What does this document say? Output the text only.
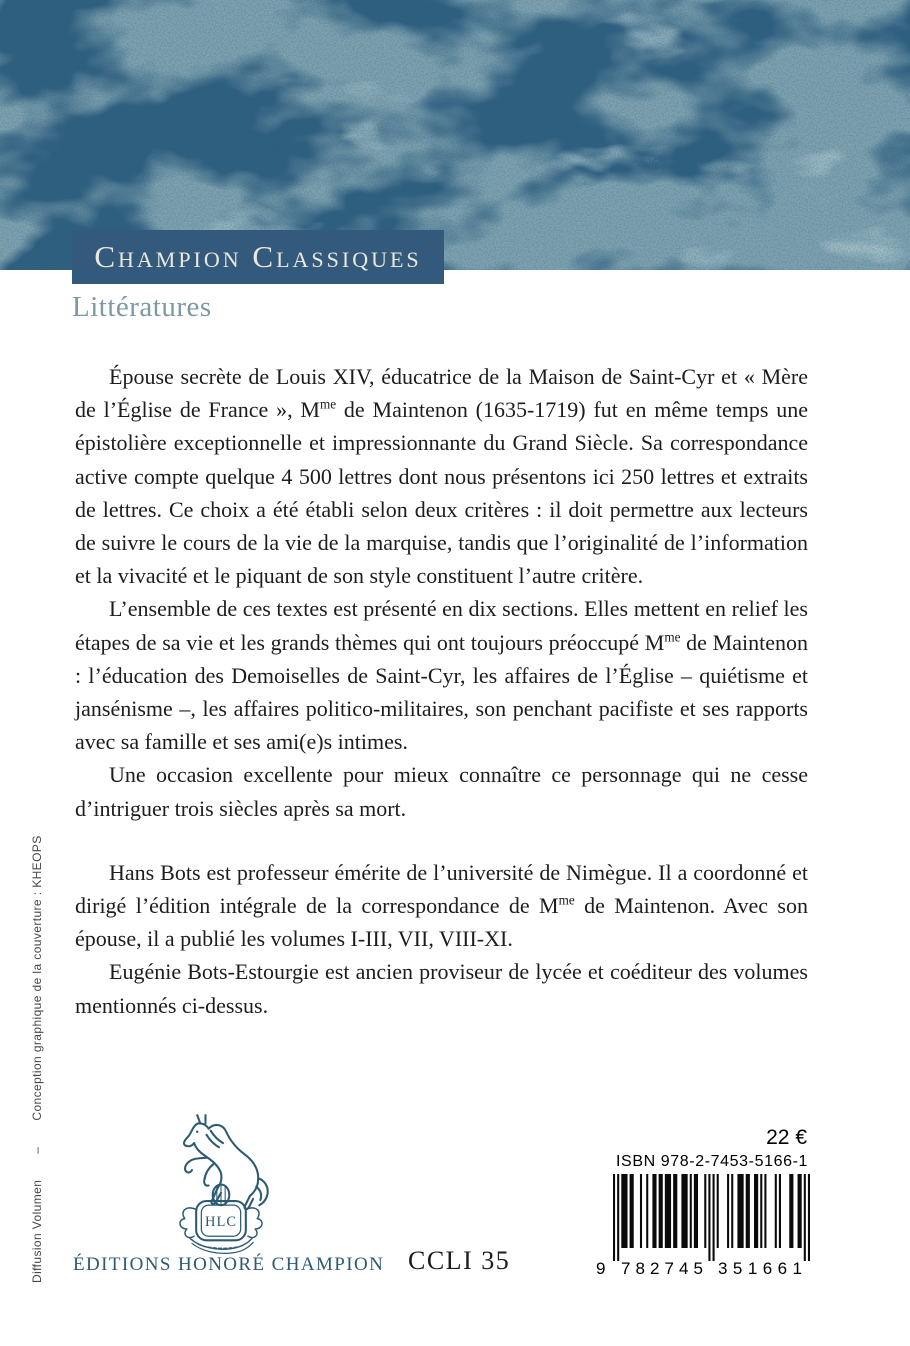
Champion Classiques
Littératures

Épouse secrète de Louis XIV, éducatrice de la Maison de Saint-Cyr et « Mère de l’Église de France », $M^{me}$ de Maintenon (1635-1719) fut en même temps une épistolière exceptionnelle et impressionnante du Grand Siècle. Sa correspondance active compte quelque 4 500 lettres dont nous présentons ici 250 lettres et extraits de lettres. Ce choix a été établi selon deux critères : il doit permettre aux lecteurs de suivre le cours de la vie de la marquise, tandis que l’originalité de l’information et la vivacité et le piquant de son style constituent l’autre critère.

L’ensemble de ces textes est présenté en dix sections. Elles mettent en relief les étapes de sa vie et les grands thèmes qui ont toujours préoccupé $M^{me}$ de Maintenon : l’éducation des Demoiselles de Saint-Cyr, les affaires de l’Église – quiétisme et jansénisme –, les affaires politico-militaires, son penchant pacifiste et ses rapports avec sa famille et ses ami(e)s intimes.

Une occasion excellente pour mieux connaître ce personnage qui ne cesse d’intriguer trois siècles après sa mort.

Hans Bots est professeur émérite de l’université de Nimègue. Il a coordonné et dirigé l’édition intégrale de la correspondance de $M^{me}$ de Maintenon. Avec son épouse, il a publié les volumes I-III, VII, VIII-XI.

Eugénie Bots-Estourgie est ancien proviseur de lycée et coéditeur des volumes mentionnés ci-dessus.

Diffusion Volumen
–
Conception graphique de la couverture : KHEOPS
HLC
ÉDITIONS HONORÉ CHAMPION CCLI 35
22 €
ISBN 978-2-7453-5166-1
9 7 8 2 7 4 5 3 5 1 6 6 1
